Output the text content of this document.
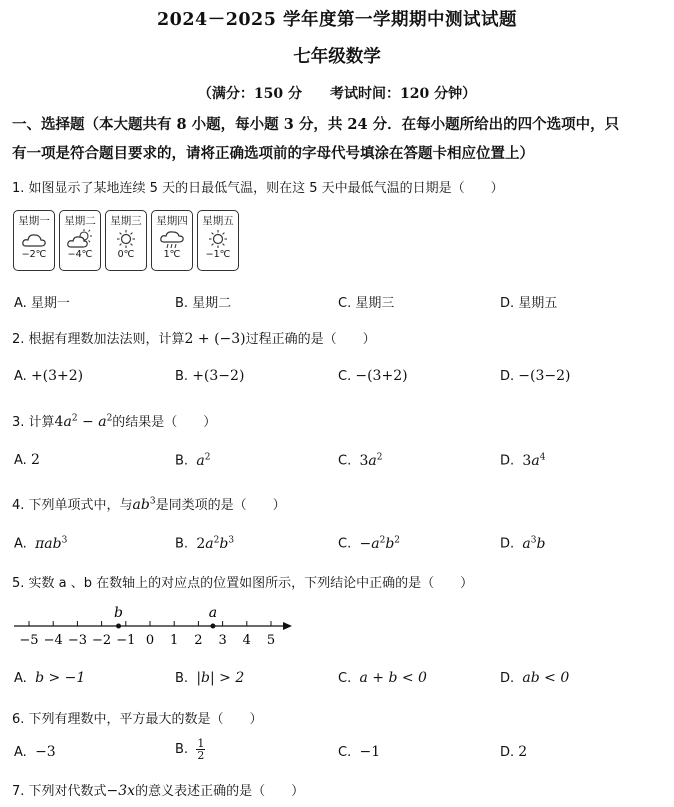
2024－2025 学年度第一学期期中测试试题
七年级数学
（满分：150 分　　考试时间：120 分钟）
一、选择题（本大题共有 8 小题，每小题 3 分，共 24 分．在每小题所给出的四个选项中，只
有一项是符合题目要求的，请将正确选项前的字母代号填涂在答题卡相应位置上）
1. 如图显示了某地连续 5 天的日最低气温，则在这 5 天中最低气温的日期是（　　）
星期一
−2℃
星期二
−4℃
星期三
0℃
星期四
1℃
星期五
−1℃
A. 星期一	B. 星期二	C. 星期三	D. 星期五
2. 根据有理数加法法则，计算2 + (−3)过程正确的是（　　）
A. +(3+2)	B. +(3−2)	C. −(3+2)	D. −(3−2)
3. 计算$4a^2 - a^2$的结果是（　　）
A. 2	B. $a^2$	C. $3a^2$	D. $3a^4$
4. 下列单项式中，与$ab^3$是同类项的是（　　）
A. πab$^3$	B. $2a^2b^3$	C. $-a^2b^2$	D. $a^3b$
5. 实数 a 、b 在数轴上的对应点的位置如图所示，下列结论中正确的是（　　）
−5 −4 −3 −2 −1 0 1 2 3 4 5
b	a
A. b > −1	B. |b| > 2	C. a + b < 0	D. ab < 0
6. 下列有理数中，平方最大的数是（　　）
A. −3	B. $\frac{1}{2}$	C. −1	D. 2
7. 下列对代数式−3x的意义表述正确的是（　　）
